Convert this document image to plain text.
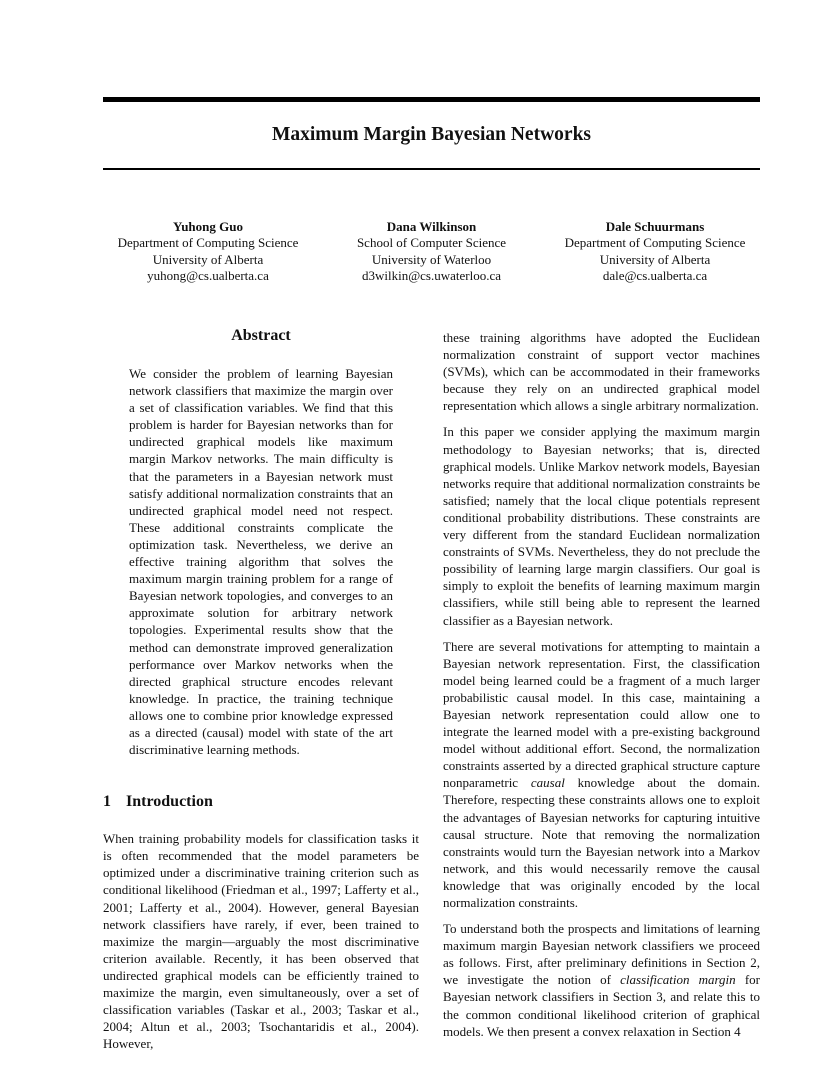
Maximum Margin Bayesian Networks
Yuhong Guo
Department of Computing Science
University of Alberta
yuhong@cs.ualberta.ca
Dana Wilkinson
School of Computer Science
University of Waterloo
d3wilkin@cs.uwaterloo.ca
Dale Schuurmans
Department of Computing Science
University of Alberta
dale@cs.ualberta.ca
Abstract

We consider the problem of learning Bayesian network classifiers that maximize the margin over a set of classification variables. We find that this problem is harder for Bayesian networks than for undirected graphical models like maximum margin Markov networks. The main difficulty is that the parameters in a Bayesian network must satisfy additional normalization constraints that an undirected graphical model need not respect. These additional constraints complicate the optimization task. Nevertheless, we derive an effective training algorithm that solves the maximum margin training problem for a range of Bayesian network topologies, and converges to an approximate solution for arbitrary network topologies. Experimental results show that the method can demonstrate improved generalization performance over Markov networks when the directed graphical structure encodes relevant knowledge. In practice, the training technique allows one to combine prior knowledge expressed as a directed (causal) model with state of the art discriminative learning methods.

1 Introduction

When training probability models for classification tasks it is often recommended that the model parameters be optimized under a discriminative training criterion such as conditional likelihood (Friedman et al., 1997; Lafferty et al., 2001; Lafferty et al., 2004). However, general Bayesian network classifiers have rarely, if ever, been trained to maximize the margin—arguably the most discriminative criterion available. Recently, it has been observed that undirected graphical models can be efficiently trained to maximize the margin, even simultaneously, over a set of classification variables (Taskar et al., 2003; Taskar et al., 2004; Altun et al., 2003; Tsochantaridis et al., 2004). However,

these training algorithms have adopted the Euclidean normalization constraint of support vector machines (SVMs), which can be accommodated in their frameworks because they rely on an undirected graphical model representation which allows a single arbitrary normalization.

In this paper we consider applying the maximum margin methodology to Bayesian networks; that is, directed graphical models. Unlike Markov network models, Bayesian networks require that additional normalization constraints be satisfied; namely that the local clique potentials represent conditional probability distributions. These constraints are very different from the standard Euclidean normalization constraints of SVMs. Nevertheless, they do not preclude the possibility of learning large margin classifiers. Our goal is simply to exploit the benefits of learning maximum margin classifiers, while still being able to represent the learned classifier as a Bayesian network.

There are several motivations for attempting to maintain a Bayesian network representation. First, the classification model being learned could be a fragment of a much larger probabilistic causal model. In this case, maintaining a Bayesian network representation could allow one to integrate the learned model with a pre-existing background model without additional effort. Second, the normalization constraints asserted by a directed graphical structure capture nonparametric causal knowledge about the domain. Therefore, respecting these constraints allows one to exploit the advantages of Bayesian networks for capturing intuitive causal structure. Note that removing the normalization constraints would turn the Bayesian network into a Markov network, and this would necessarily remove the causal knowledge that was originally encoded by the local normalization constraints.

To understand both the prospects and limitations of learning maximum margin Bayesian network classifiers we proceed as follows. First, after preliminary definitions in Section 2, we investigate the notion of classification margin for Bayesian network classifiers in Section 3, and relate this to the common conditional likelihood criterion of graphical models. We then present a convex relaxation in Section 4
